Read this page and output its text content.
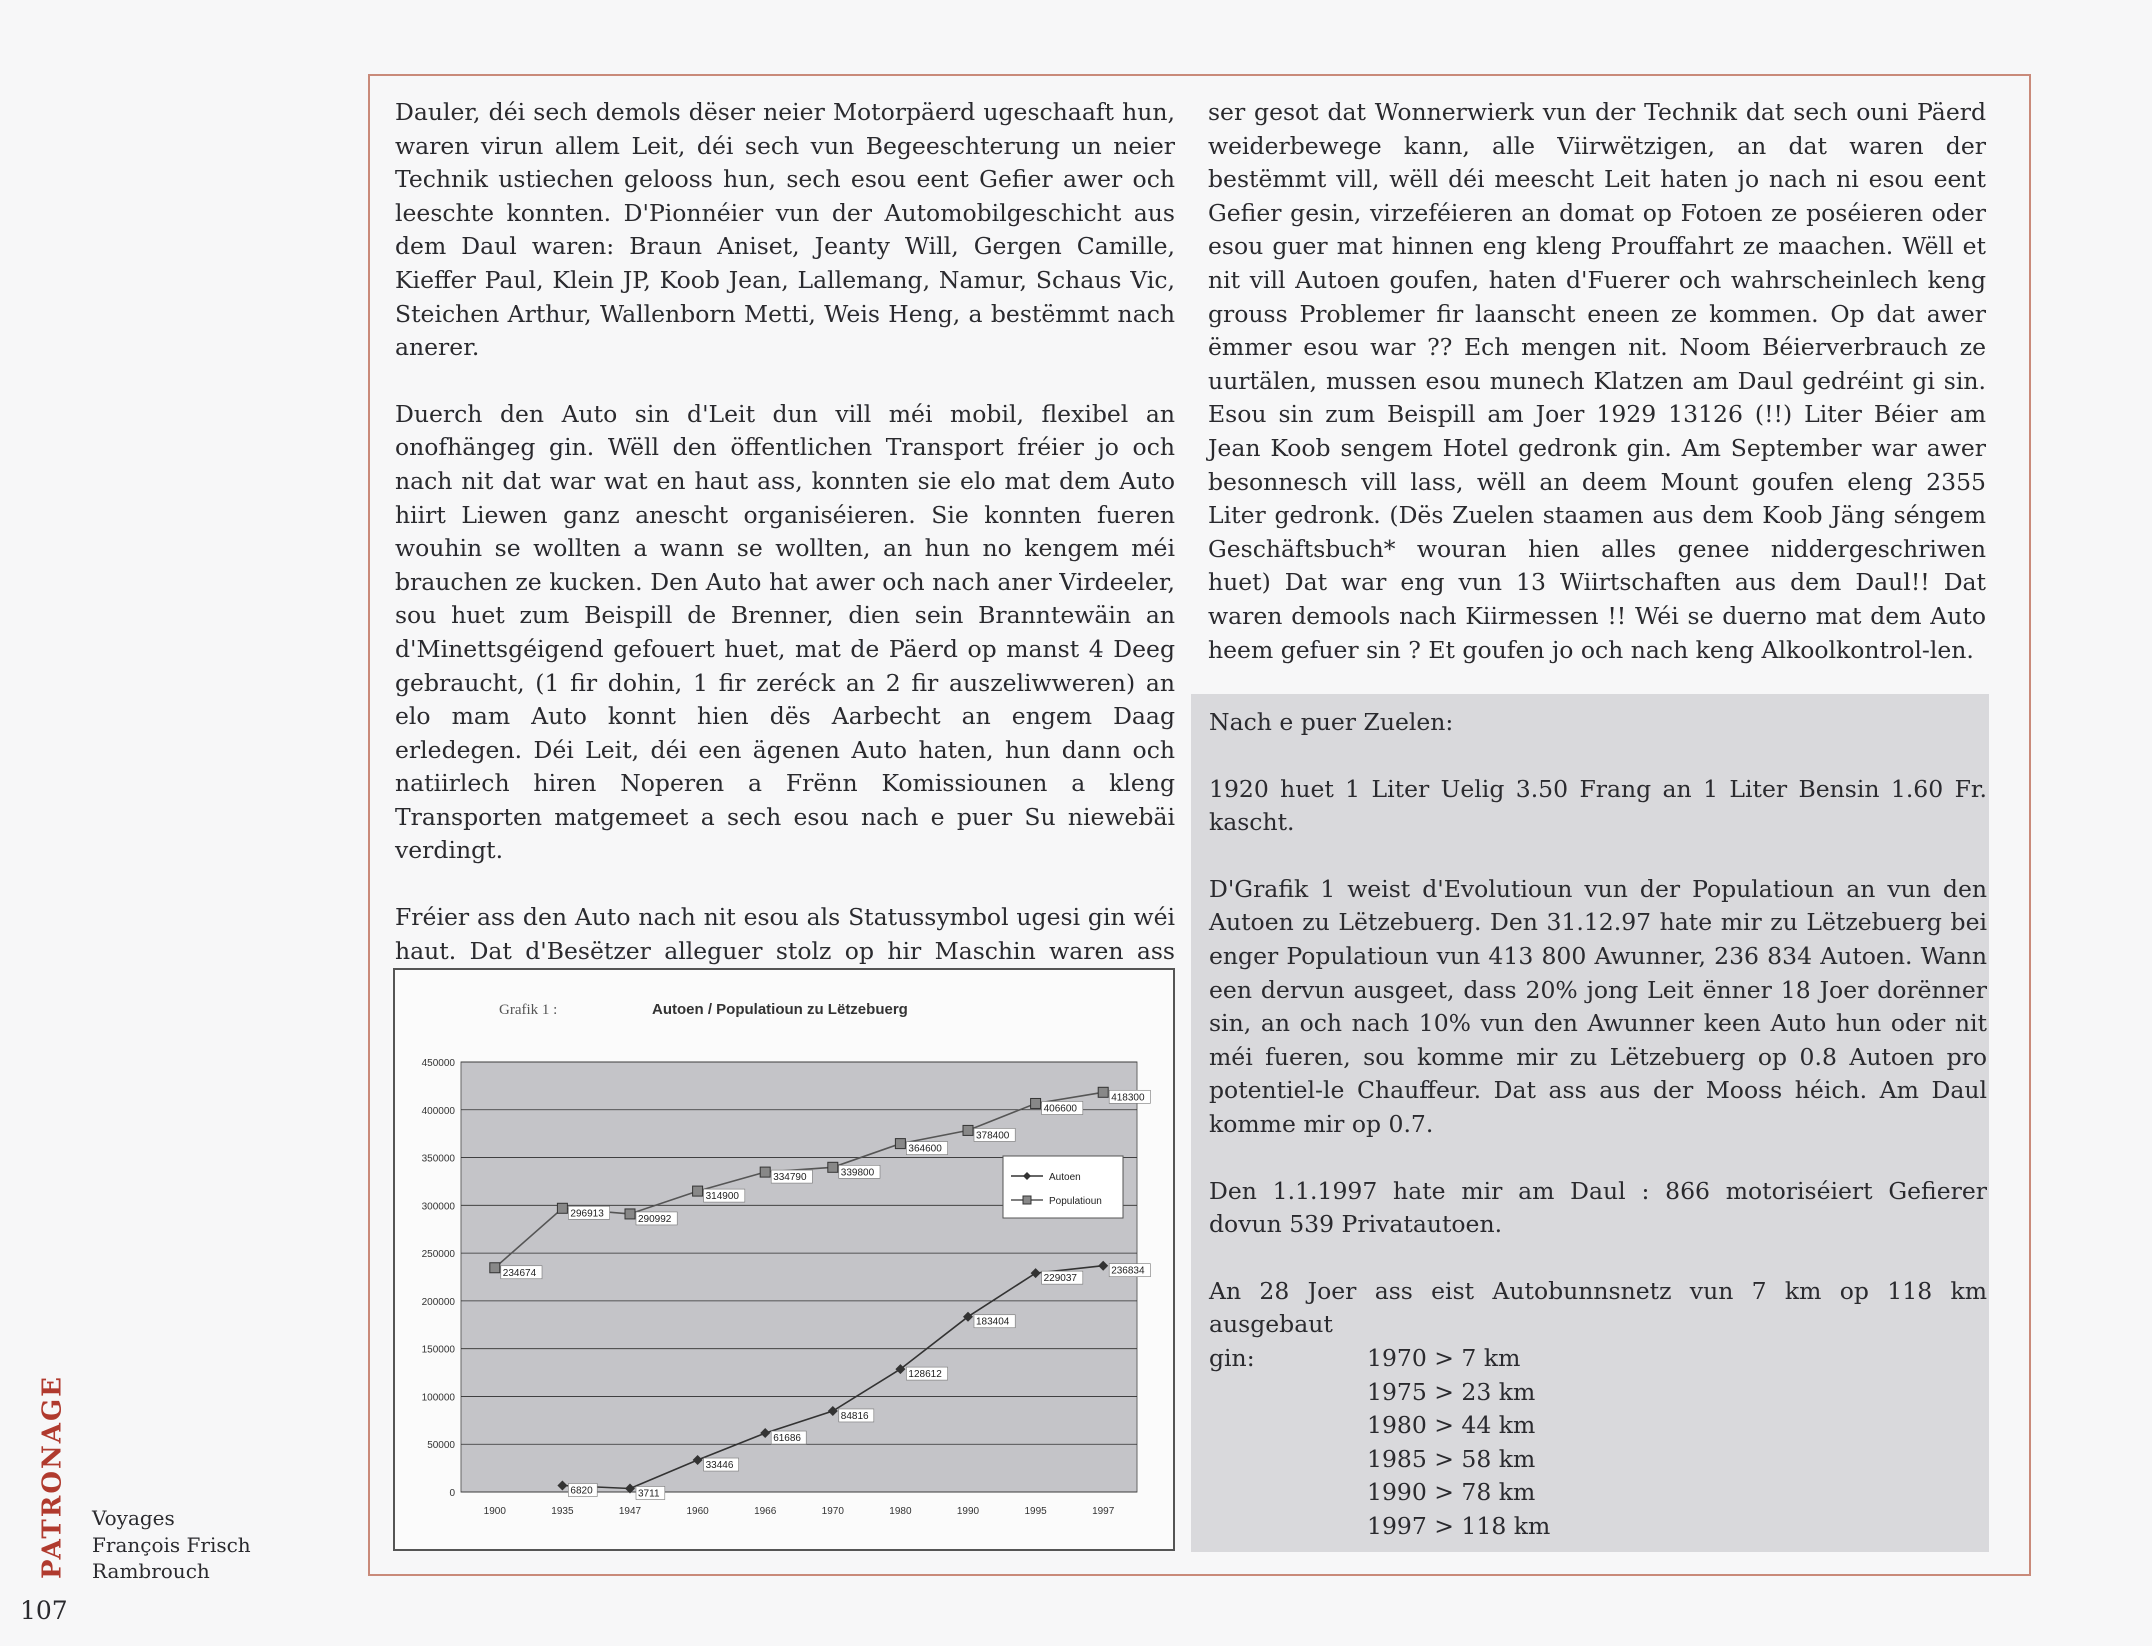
Dauler, déi sech demols dëser neier Motorpäerd ugeschaaft hun, waren virun allem Leit, déi sech vun Begeeschterung un neier Technik ustiechen gelooss hun, sech esou eent Gefier awer och leeschte konnten. D'Pionnéier vun der Automobilgeschicht aus dem Daul waren: Braun Aniset, Jeanty Will, Gergen Camille, Kieffer Paul, Klein JP, Koob Jean, Lallemang, Namur, Schaus Vic, Steichen Arthur, Wallenborn Metti, Weis Heng, a bestëmmt nach anerer.

Duerch den Auto sin d'Leit dun vill méi mobil, flexibel an onofhängeg gin. Wëll den öffentlichen Transport fréier jo och nach nit dat war wat en haut ass, konnten sie elo mat dem Auto hiirt Liewen ganz anescht organiséieren. Sie konnten fueren wouhin se wollten a wann se wollten, an hun no kengem méi brauchen ze kucken. Den Auto hat awer och nach aner Virdeeler, sou huet zum Beispill de Brenner, dien sein Branntewäin an d'Minettsgéigend gefouert huet, mat de Päerd op manst 4 Deeg gebraucht, (1 fir dohin, 1 fir zeréck an 2 fir auszeliwweren) an elo mam Auto konnt hien dës Aarbecht an engem Daag erledegen. Déi Leit, déi een ägenen Auto haten, hun dann och natiirlech hiren Noperen a Frënn Komissiounen a kleng Transporten matgemeet a sech esou nach e puer Su niewebäi verdingt.

Fréier ass den Auto nach nit esou als Statussymbol ugesi gin wéi haut. Dat d'Besëtzer alleguer stolz op hir Maschin waren ass

ser gesot dat Wonnerwierk vun der Technik dat sech ouni Päerd weiderbewege kann, alle Viirwëtzigen, an dat waren der bestëmmt vill, wëll déi meescht Leit haten jo nach ni esou eent Gefier gesin, virzeféieren an domat op Fotoen ze poséieren oder esou guer mat hinnen eng kleng Prouffahrt ze maachen. Wëll et nit vill Autoen goufen, haten d'Fuerer och wahrscheinlech keng grouss Problemer fir laanscht eneen ze kommen. Op dat awer ëmmer esou war ?? Ech mengen nit. Noom Béierverbrauch ze uurtälen, mussen esou munech Klatzen am Daul gedréint gi sin. Esou sin zum Beispill am Joer 1929 13126 (!!) Liter Béier am Jean Koob sengem Hotel gedronk gin. Am September war awer besonnesch vill lass, wëll an deem Mount goufen eleng 2355 Liter gedronk. (Dës Zuelen staamen aus dem Koob Jäng séngem Geschäftsbuch* wouran hien alles genee niddergeschriwen huet) Dat war eng vun 13 Wiirtschaften aus dem Daul!! Dat waren demools nach Kiirmessen !! Wéi se duerno mat dem Auto heem gefuer sin ? Et goufen jo och nach keng Alkoolkontrol-len.

Nach e puer Zuelen:

1920 huet 1 Liter Uelig 3.50 Frang an 1 Liter Bensin 1.60 Fr. kascht.

D'Grafik 1 weist d'Evolutioun vun der Populatioun an vun den Autoen zu Lëtzebuerg. Den 31.12.97 hate mir zu Lëtzebuerg bei enger Populatioun vun 413 800 Awunner, 236 834 Autoen. Wann een dervun ausgeet, dass 20% jong Leit ënner 18 Joer dorënner sin, an och nach 10% vun den Awunner keen Auto hun oder nit méi fueren, sou komme mir zu Lëtzebuerg op 0.8 Autoen pro potentiel-le Chauffeur. Dat ass aus der Mooss héich. Am Daul komme mir op 0.7.

Den 1.1.1997 hate mir am Daul : 866 motoriséiert Gefierer dovun 539 Privatautoen.

An 28 Joer ass eist Autobunnsnetz vun 7 km op 118 km ausgebaut
gin:	1970 > 7 km
1975 > 23 km
1980 > 44 km
1985 > 58 km
1990 > 78 km
1997 > 118 km
Grafik 1 :	Autoen / Populatioun zu Lëtzebuerg
0
50000
100000
150000
200000
250000
300000
350000
400000
450000
1900	1935	1947	1960	1966	1970	1980	1990	1995	1997
6820	3711
33446
61686
84816
128612
183404
229037
236834
234674
296913
290992
314900
334790	339800
364600
378400
406600
418300
Autoen
Populatioun
PATRONAGE Voyages
François Frisch
Rambrouch
107
